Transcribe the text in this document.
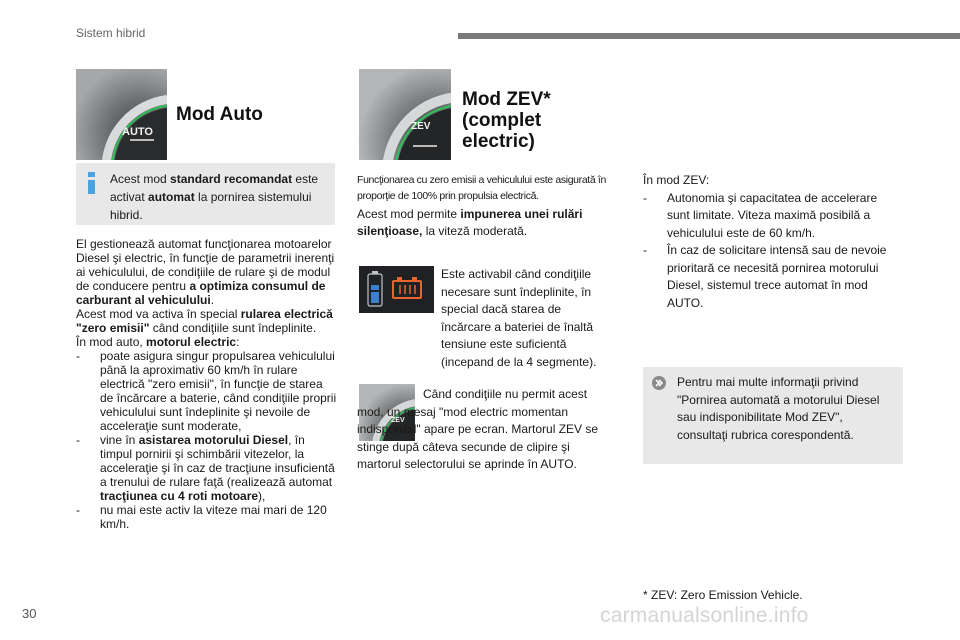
Sistem hibrid
AUTO
Mod Auto
Acest mod standard recomandat este activat automat la pornirea sistemului hibrid.
El gestionează automat funcţionarea motoarelor Diesel şi electric, în funcţie de parametrii inerenţi ai vehiculului, de condiţiile de rulare şi de modul de conducere pentru a optimiza consumul de carburant al vehiculului.
Acest mod va activa în special rularea electrică "zero emisii" când condiţiile sunt îndeplinite.
În mod auto, motorul electric:
- poate asigura singur propulsarea vehiculului până la aproximativ 60 km/h în rulare electrică "zero emisii", în funcţie de starea de încărcare a baterie, când condiţiile proprii vehiculului sunt îndeplinite şi nevoile de acceleraţie sunt moderate,
- vine în asistarea motorului Diesel, în timpul pornirii şi schimbării vitezelor, la acceleraţie şi în caz de tracţiune insuficientă a trenului de rulare faţă (realizează automat tracţiunea cu 4 roti motoare),
- nu mai este activ la viteze mai mari de 120 km/h.
ZEV
Mod ZEV* (complet electric)
Funcţionarea cu zero emisii a vehiculului este asigurată în proporţie de 100% prin propulsia electrică.
Acest mod permite impunerea unei rulări silenţioase, la viteză moderată.
Este activabil când condiţiile necesare sunt îndeplinite, în special dacă starea de încărcare a bateriei de înaltă tensiune este suficientă (incepand de la 4 segmente).
ZEV
Când condiţiile nu permit acest mod, un mesaj "mod electric momentan indisponibil" apare pe ecran. Martorul ZEV se stinge după câteva secunde de clipire şi martorul selectorului se aprinde în AUTO.
În mod ZEV:
- Autonomia şi capacitatea de accelerare sunt limitate. Viteza maximă posibilă a vehiculului este de 60 km/h.
- În caz de solicitare intensă sau de nevoie prioritară ce necesită pornirea motorului Diesel, sistemul trece automat în mod AUTO.
Pentru mai multe informaţii privind "Pornirea automată a motorului Diesel sau indisponibilitate Mod ZEV", consultaţi rubrica corespondentă.
* ZEV: Zero Emission Vehicle.
30	carmanualsonline.info
